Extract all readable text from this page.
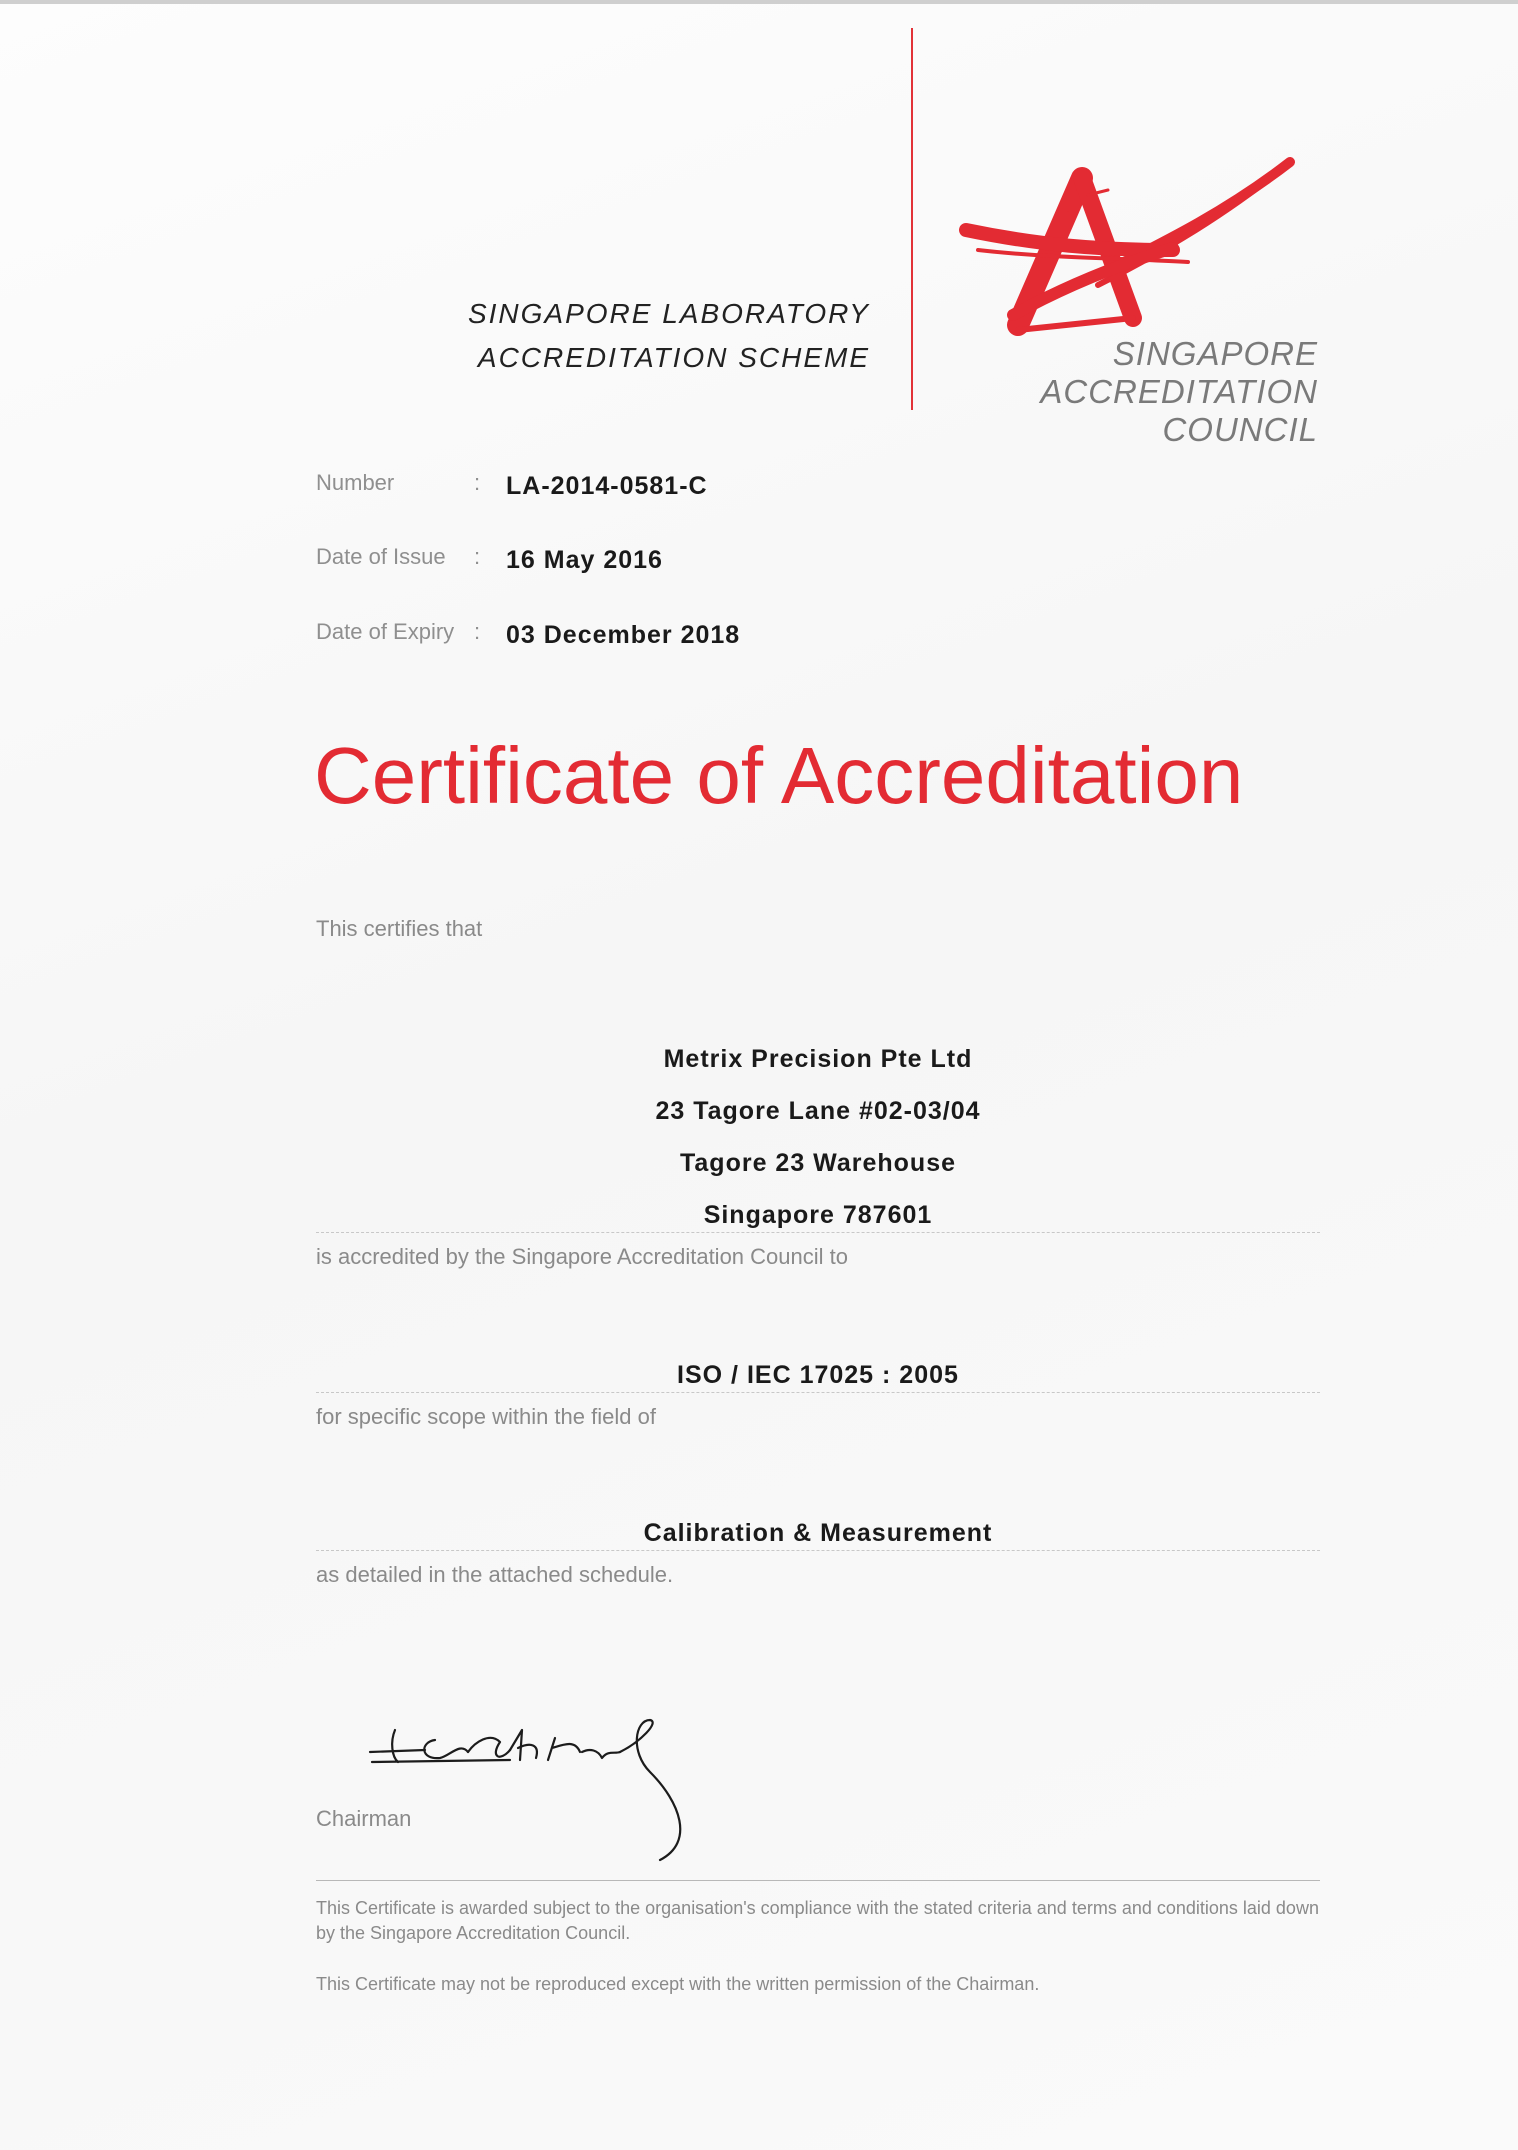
SINGAPORE LABORATORY
ACCREDITATION SCHEME	SINGAPORE
ACCREDITATION COUNCIL
Number	: LA-2014-0581-C
Date of Issue : 16 May 2016
Date of Expiry : 03 December 2018
Certificate of Accreditation
This certifies that
Metrix Precision Pte Ltd
23 Tagore Lane #02-03/04
Tagore 23 Warehouse
Singapore 787601
is accredited by the Singapore Accreditation Council to
ISO / IEC 17025 : 2005
for specific scope within the field of
Calibration & Measurement
as detailed in the attached schedule.
Chairman
This Certificate is awarded subject to the organisation's compliance with the stated criteria and terms and conditions laid down by the Singapore Accreditation Council.
This Certificate may not be reproduced except with the written permission of the Chairman.
